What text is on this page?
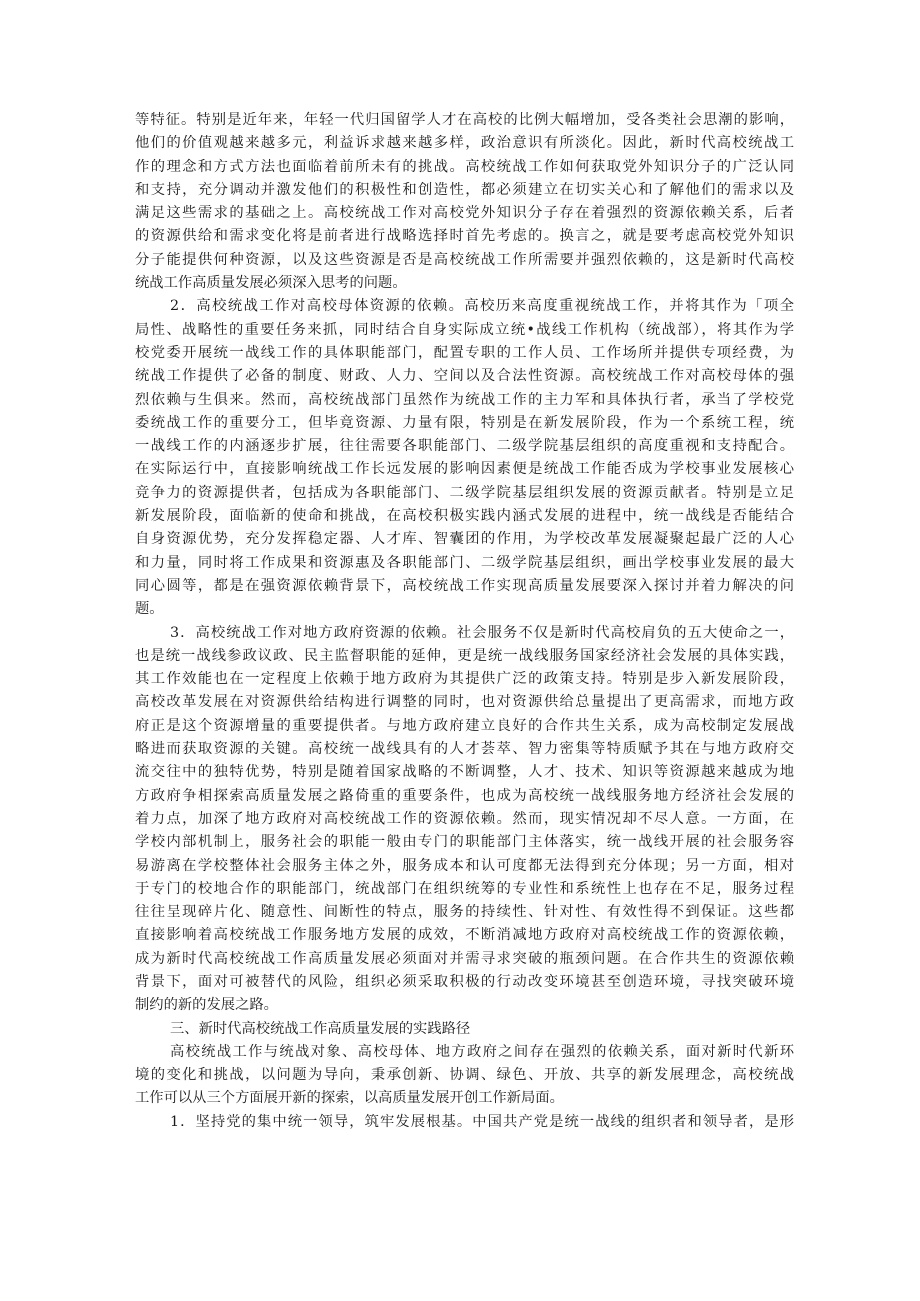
等特征。特别是近年来，年轻一代归国留学人才在高校的比例大幅增加，受各类社会思潮的影响，
他们的价值观越来越多元，利益诉求越来越多样，政治意识有所淡化。因此，新时代高校统战工
作的理念和方式方法也面临着前所未有的挑战。高校统战工作如何获取党外知识分子的广泛认同
和支持，充分调动并激发他们的积极性和创造性，都必须建立在切实关心和了解他们的需求以及
满足这些需求的基础之上。高校统战工作对高校党外知识分子存在着强烈的资源依赖关系，后者
的资源供给和需求变化将是前者进行战略选择时首先考虑的。换言之，就是要考虑高校党外知识
分子能提供何种资源，以及这些资源是否是高校统战工作所需要并强烈依赖的，这是新时代高校
统战工作高质量发展必须深入思考的问题。
2．高校统战工作对高校母体资源的依赖。高校历来高度重视统战工作，并将其作为「项全
局性、战略性的重要任务来抓，同时结合自身实际成立统•战线工作机构（统战部），将其作为学
校党委开展统一战线工作的具体职能部门，配置专职的工作人员、工作场所并提供专项经费，为
统战工作提供了必备的制度、财政、人力、空间以及合法性资源。高校统战工作对高校母体的强
烈依赖与生俱来。然而，高校统战部门虽然作为统战工作的主力军和具体执行者，承当了学校党
委统战工作的重要分工，但毕竟资源、力量有限，特别是在新发展阶段，作为一个系统工程，统
一战线工作的内涵逐步扩展，往往需要各职能部门、二级学院基层组织的高度重视和支持配合。
在实际运行中，直接影响统战工作长远发展的影响因素便是统战工作能否成为学校事业发展核心
竞争力的资源提供者，包括成为各职能部门、二级学院基层组织发展的资源贡献者。特别是立足
新发展阶段，面临新的使命和挑战，在高校积极实践内涵式发展的进程中，统一战线是否能结合
自身资源优势，充分发挥稳定器、人才库、智囊团的作用，为学校改革发展凝聚起最广泛的人心
和力量，同时将工作成果和资源惠及各职能部门、二级学院基层组织，画出学校事业发展的最大
同心圆等，都是在强资源依赖背景下，高校统战工作实现高质量发展要深入探讨并着力解决的问
题。
3．高校统战工作对地方政府资源的依赖。社会服务不仅是新时代高校肩负的五大使命之一，
也是统一战线参政议政、民主监督职能的延伸，更是统一战线服务国家经济社会发展的具体实践，
其工作效能也在一定程度上依赖于地方政府为其提供广泛的政策支持。特别是步入新发展阶段，
高校改革发展在对资源供给结构进行调整的同时，也对资源供给总量提出了更高需求，而地方政
府正是这个资源增量的重要提供者。与地方政府建立良好的合作共生关系，成为高校制定发展战
略进而获取资源的关键。高校统一战线具有的人才荟萃、智力密集等特质赋予其在与地方政府交
流交往中的独特优势，特别是随着国家战略的不断调整，人才、技术、知识等资源越来越成为地
方政府争相探索高质量发展之路倚重的重要条件，也成为高校统一战线服务地方经济社会发展的
着力点，加深了地方政府对高校统战工作的资源依赖。然而，现实情况却不尽人意。一方面，在
学校内部机制上，服务社会的职能一般由专门的职能部门主体落实，统一战线开展的社会服务容
易游离在学校整体社会服务主体之外，服务成本和认可度都无法得到充分体现；另一方面，相对
于专门的校地合作的职能部门，统战部门在组织统筹的专业性和系统性上也存在不足，服务过程
往往呈现碎片化、随意性、间断性的特点，服务的持续性、针对性、有效性得不到保证。这些都
直接影响着高校统战工作服务地方发展的成效，不断消减地方政府对高校统战工作的资源依赖，
成为新时代高校统战工作高质量发展必须面对并需寻求突破的瓶颈问题。在合作共生的资源依赖
背景下，面对可被替代的风险，组织必须采取积极的行动改变环境甚至创造环境，寻找突破环境
制约的新的发展之路。
三、新时代高校统战工作高质量发展的实践路径
高校统战工作与统战对象、高校母体、地方政府之间存在强烈的依赖关系，面对新时代新环
境的变化和挑战，以问题为导向，秉承创新、协调、绿色、开放、共享的新发展理念，高校统战
工作可以从三个方面展开新的探索，以高质量发展开创工作新局面。
1．坚持党的集中统一领导，筑牢发展根基。中国共产党是统一战线的组织者和领导者，是形
